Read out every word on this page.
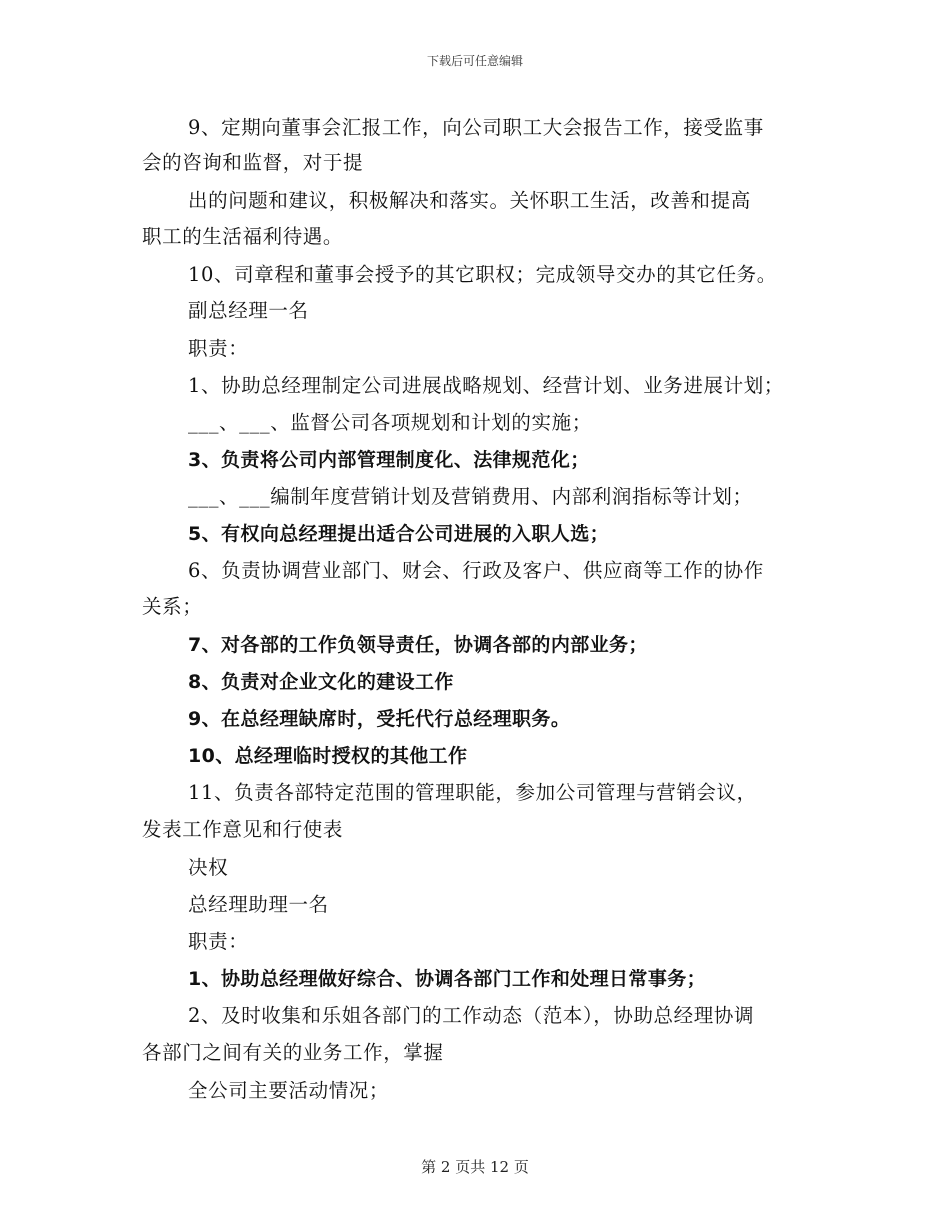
下载后可任意编辑
9、定期向董事会汇报工作，向公司职工大会报告工作，接受监事
会的咨询和监督，对于提
出的问题和建议，积极解决和落实。关怀职工生活，改善和提高
职工的生活福利待遇。
10、司章程和董事会授予的其它职权；完成领导交办的其它任务。
副总经理一名
职责：
1、协助总经理制定公司进展战略规划、经营计划、业务进展计划；
___、___、监督公司各项规划和计划的实施；
3、负责将公司内部管理制度化、法律规范化；
___、___编制年度营销计划及营销费用、内部利润指标等计划；
5、有权向总经理提出适合公司进展的入职人选；
6、负责协调营业部门、财会、行政及客户、供应商等工作的协作
关系；
7、对各部的工作负领导责任，协调各部的内部业务；
8、负责对企业文化的建设工作
9、在总经理缺席时，受托代行总经理职务。
10、总经理临时授权的其他工作
11、负责各部特定范围的管理职能，参加公司管理与营销会议，
发表工作意见和行使表
决权
总经理助理一名
职责：
1、协助总经理做好综合、协调各部门工作和处理日常事务；
2、及时收集和乐姐各部门的工作动态（范本），协助总经理协调
各部门之间有关的业务工作，掌握
全公司主要活动情况；
第 2 页共 12 页
